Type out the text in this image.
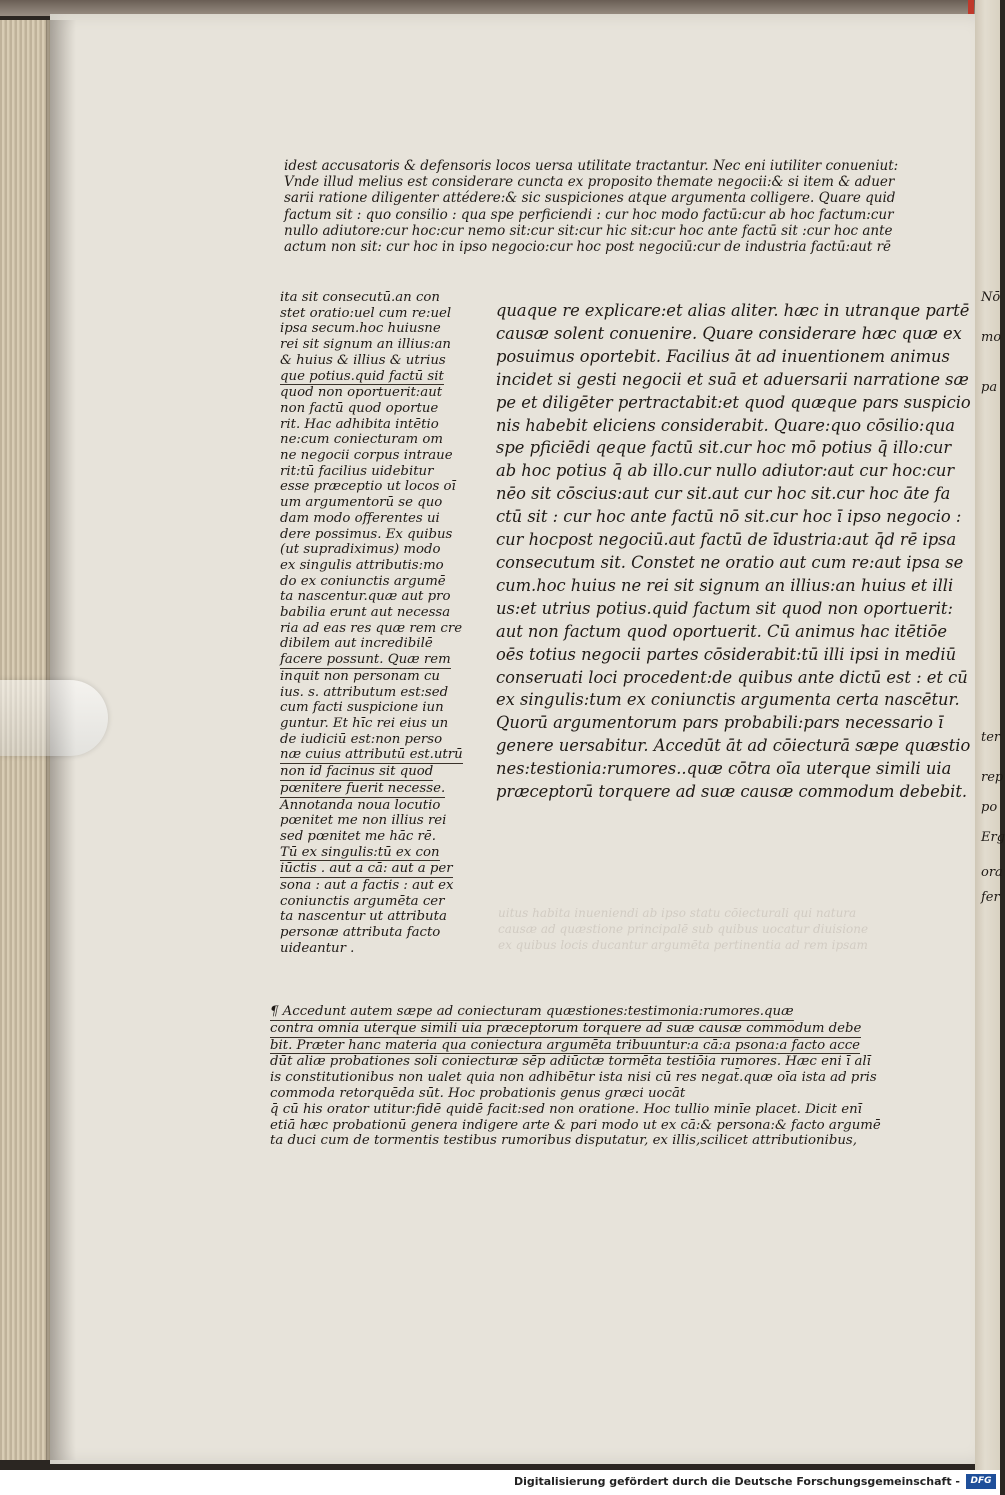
uitus habita inueniendi ab ipso statu cōiecturali qui natura
causæ ad quæstione principalē sub quibus uocatur diuisione
ex quibus locis ducantur argumēta pertinentia ad rem ipsam
idest accusatoris & defensoris locos uersa utilitate tractantur. Nec eni iutiliter conueniut:
Vnde illud melius est considerare cuncta ex proposito themate negocii:& si item & aduer
sarii ratione diligenter attédere:& sic suspiciones atque argumenta colligere. Quare quid
factum sit : quo consilio : qua spe perficiendi : cur hoc modo factū:cur ab hoc factum:cur
nullo adiutore:cur hoc:cur nemo sit:cur sit:cur hic sit:cur hoc ante factū sit :cur hoc ante
actum non sit: cur hoc in ipso negocio:cur hoc post negociū:cur de industria factū:aut rē
ita sit consecutū.an con
stet oratio:uel cum re:uel
ipsa secum.hoc huiusne
rei sit signum an illius:an
& huius & illius & utrius
que potius.quid factū sit
quod non oportuerit:aut
non factū quod oportue
rit. Hac adhibita intētio
ne:cum coniecturam om
ne negocii corpus intraue
rit:tū facilius uidebitur
esse præceptio ut locos oī
um argumentorū se quo
dam modo offerentes ui
dere possimus. Ex quibus
(ut supradiximus) modo
ex singulis attributis:mo
do ex coniunctis argumē
ta nascentur.quæ aut pro
babilia erunt aut necessa
ria ad eas res quæ rem cre
dibilem aut incredibilē
facere possunt. Quæ rem
inquit non personam cu
ius. s. attributum est:sed
cum facti suspicione iun
guntur. Et hīc rei eius un
de iudiciū est:non perso
næ cuius attributū est.utrū
non id facinus sit quod
pœnitere fuerit necesse.
Annotanda noua locutio
pœnitet me non illius rei
sed pœnitet me hāc rē.
Tū ex singulis:tū ex con
iūctis . aut a cā: aut a per
sona : aut a factis : aut ex
coniunctis argumēta cer
ta nascentur ut attributa
personæ attributa facto
uideantur .
quaque re explicare:et alias aliter. hæc in utranque partē
causæ solent conuenire. Quare considerare hæc quæ ex
posuimus oportebit. Facilius āt ad inuentionem animus
incidet si gesti negocii et suā et aduersarii narratione sæ
pe et diligēter pertractabit:et quod quæque pars suspicio
nis habebit eliciens considerabit. Quare:quo cōsilio:qua
spe pficiēdi qeque factū sit.cur hoc mō potius q̄ illo:cur
ab hoc potius q̄ ab illo.cur nullo adiutor:aut cur hoc:cur
nēo sit cōscius:aut cur sit.aut cur hoc sit.cur hoc āte fa
ctū sit : cur hoc ante factū nō sit.cur hoc ī ipso negocio :
cur hocpost negociū.aut factū de īdustria:aut q̄d rē ipsa
consecutum sit. Constet ne oratio aut cum re:aut ipsa se
cum.hoc huius ne rei sit signum an illius:an huius et illi
us:et utrius potius.quid factum sit quod non oportuerit:
aut non factum quod oportuerit. Cū animus hac itētiōe
oēs totius negocii partes cōsiderabit:tū illi ipsi in mediū
conseruati loci procedent:de quibus ante dictū est : et cū
ex singulis:tum ex coniunctis argumenta certa nascētur.
Quorū argumentorum pars probabili:pars necessario ī
genere uersabitur. Accedūt āt ad cōiecturā sæpe quæstio
nes:testionia:rumores..quæ cōtra oīa uterque simili uia
præceptorū torquere ad suæ causæ commodum debebit.
¶ Accedunt autem sæpe ad coniecturam quæstiones:testimonia:rumores.quæ
contra omnia uterque simili uia præceptorum torquere ad suæ causæ commodum debe
bit. Præter hanc materia qua coniectura argumēta tribuuntur:a cā:a psona:a facto acce
dūt aliæ probationes soli coniecturæ sēp adiūctæ tormēta testiōia rumores. Hæc eni ī alī
is constitutionibus non ualet quia non adhibētur ista nisi cū res negat̄.quæ oīa ista ad pris
commoda retorquēda sūt. Hoc probationis genus græci uocāt
q̄ cū his orator utitur:fidē quidē facit:sed non oratione. Hoc tullio minīe placet. Dicit enī
etiā hæc probationū genera indigere arte & pari modo ut ex cā:& persona:& facto argumē
ta duci cum de tormentis testibus rumoribus disputatur, ex illis,scilicet attributionibus,
Nō
mo
pa
ter
rep
po
Erg
ora
fer
Digitalisierung gefördert durch die Deutsche Forschungsgemeinschaft -	DFG
